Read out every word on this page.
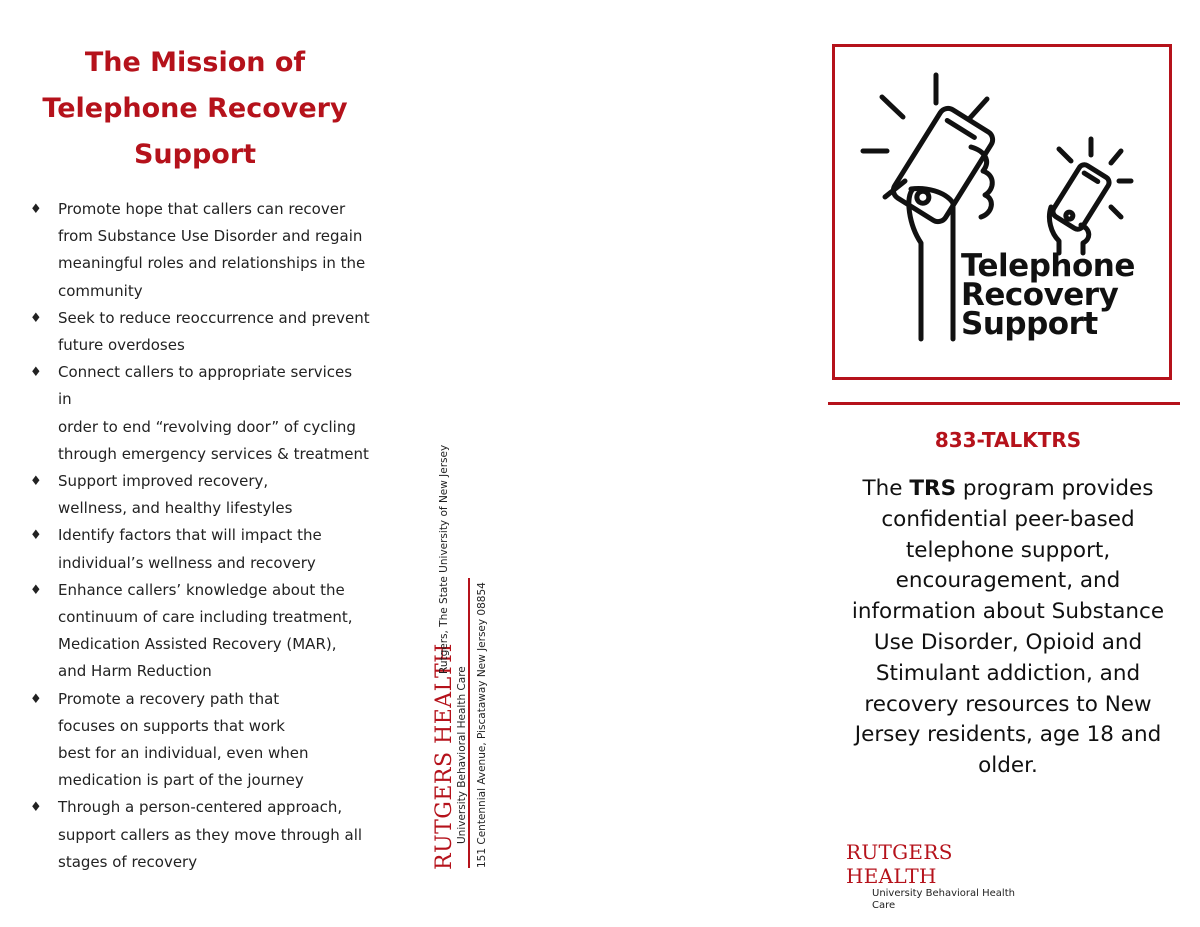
The Mission of
Telephone Recovery
Support
♦ Promote hope that callers can recover
from Substance Use Disorder and regain
meaningful roles and relationships in the
community
♦ Seek to reduce reoccurrence and prevent
future overdoses
♦ Connect callers to appropriate services in
order to end “revolving door” of cycling
through emergency services & treatment
♦ Support improved recovery,
wellness, and healthy lifestyles
♦ Identify factors that will impact the
individual’s wellness and recovery
♦ Enhance callers’ knowledge about the
continuum of care including treatment,
Medication Assisted Recovery (MAR),
and Harm Reduction
♦ Promote a recovery path that
focuses on supports that work
best for an individual, even when
medication is part of the journey
♦ Through a person-centered approach,
support callers as they move through all
stages of recovery	RUTGERS HEALTH University Behavioral Health Care
Rutgers, The State University of New Jersey
151 Centennial Avenue, Piscataway New Jersey 08854

Telephone
Recovery
Support

833-TALKTRS

The TRS program provides confidential peer-based telephone support, encouragement, and information about Substance Use Disorder, Opioid and Stimulant addiction, and recovery resources to New Jersey residents, age 18 and older.

RUTGERS HEALTH
University Behavioral Health Care
